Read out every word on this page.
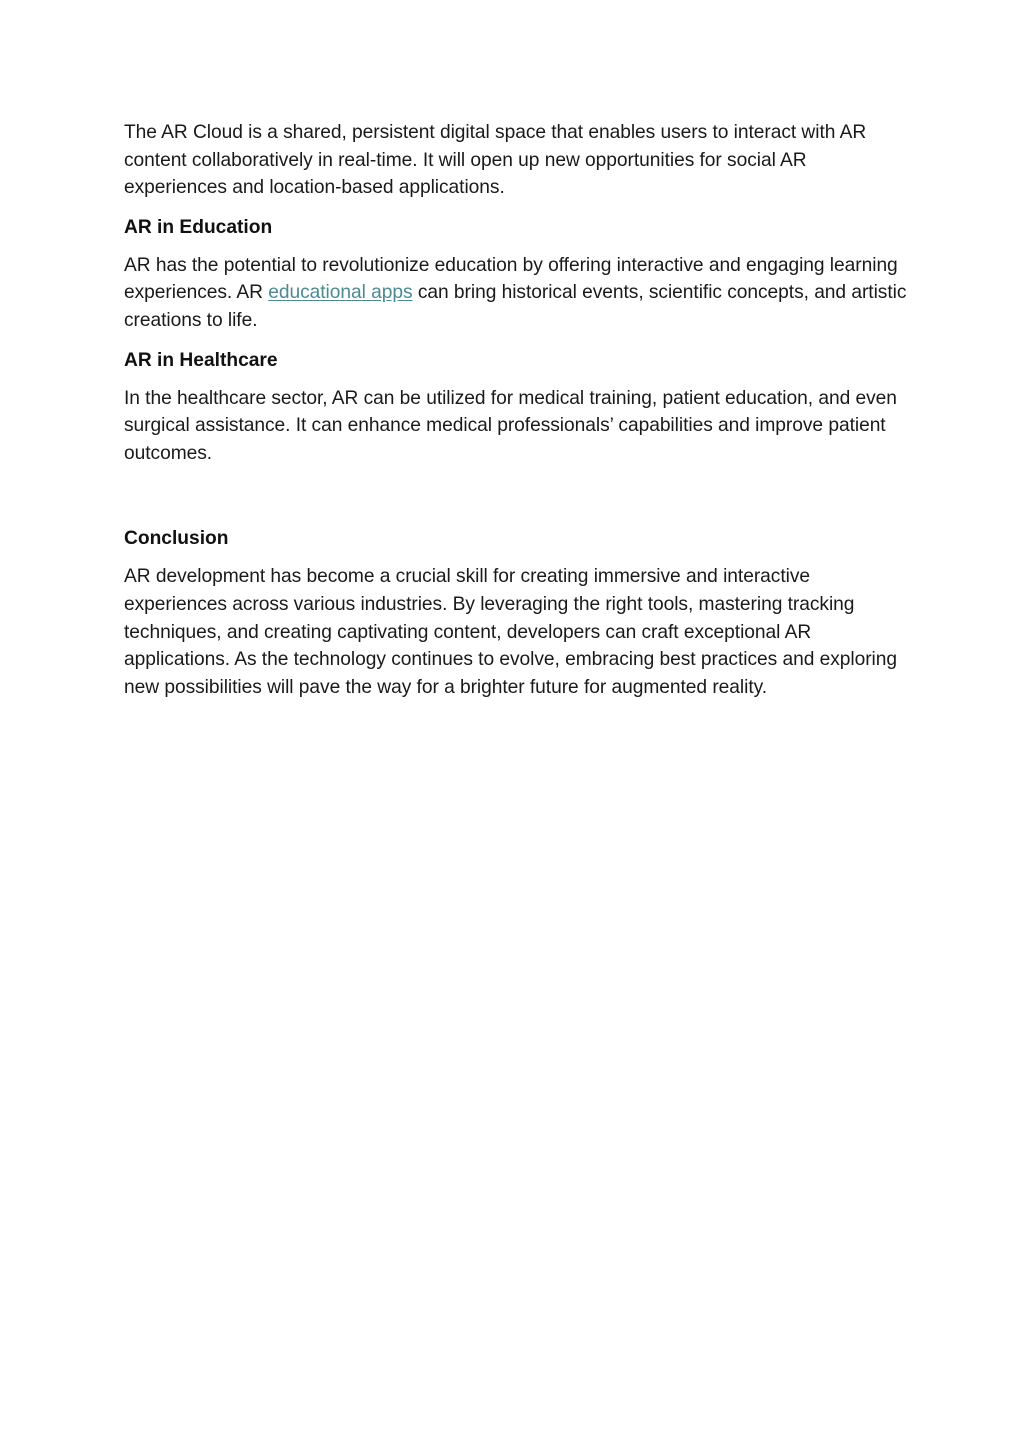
The AR Cloud is a shared, persistent digital space that enables users to interact with AR content collaboratively in real-time. It will open up new opportunities for social AR experiences and location-based applications.

AR in Education

AR has the potential to revolutionize education by offering interactive and engaging learning experiences. AR educational apps can bring historical events, scientific concepts, and artistic creations to life.

AR in Healthcare

In the healthcare sector, AR can be utilized for medical training, patient education, and even surgical assistance. It can enhance medical professionals’ capabilities and improve patient outcomes.

Conclusion

AR development has become a crucial skill for creating immersive and interactive experiences across various industries. By leveraging the right tools, mastering tracking techniques, and creating captivating content, developers can craft exceptional AR applications. As the technology continues to evolve, embracing best practices and exploring new possibilities will pave the way for a brighter future for augmented reality.
